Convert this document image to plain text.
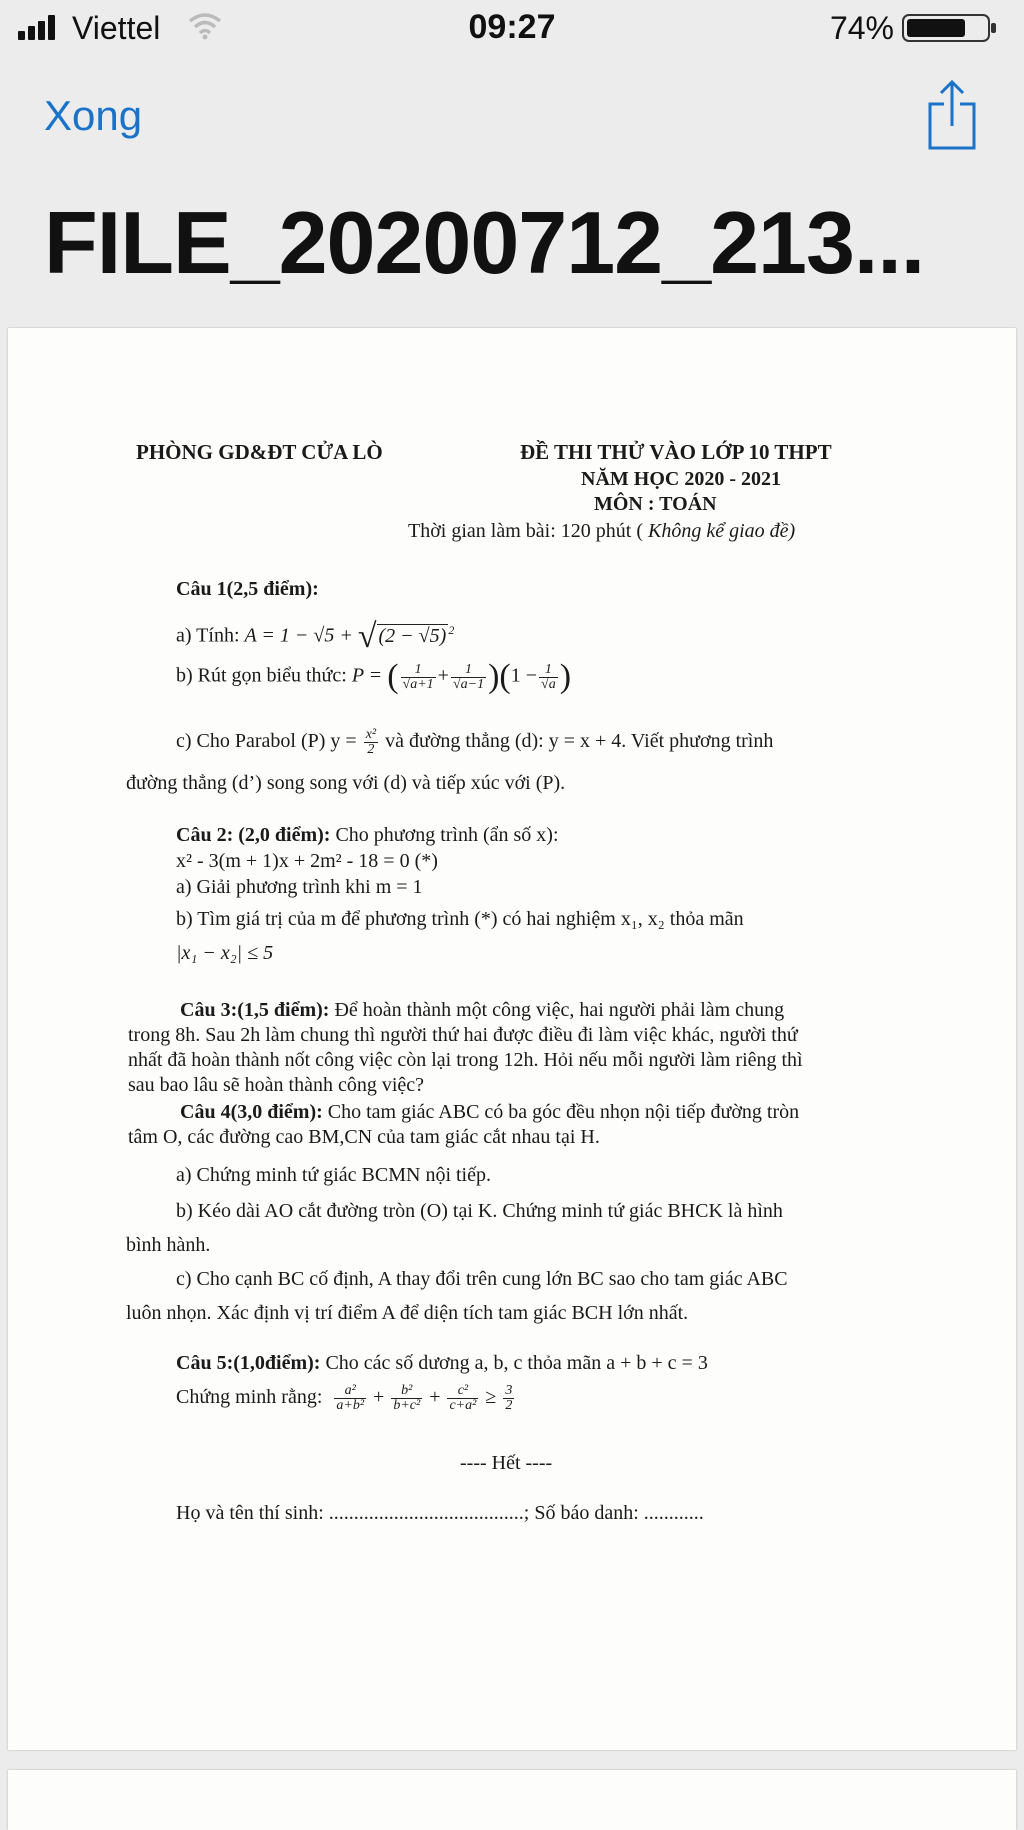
Viettel	09:27	74%
Xong
FILE_20200712_213...
PHÒNG GD&ĐT CỬA LÒ	ĐỀ THI THỬ VÀO LỚP 10 THPT
NĂM HỌC 2020 - 2021
MÔN : TOÁN
Thời gian làm bài: 120 phút ( Không kể giao đề)
Câu 1(2,5 điểm):
a) Tính: A = 1 − √5 + √ (2 − √5) $^2$
b) Rút gọn biểu thức: P = ( $\frac{1}{√a+1} + \frac{1}{√a-1} )(1 - \frac{1}{√a}$ )
c) Cho Parabol (P) $y = \frac{\text{x²}}{2}$ và đường thẳng (d): y = x + 4. Viết phương trình
đường thẳng (d’) song song với (d) và tiếp xúc với (P).
Câu 2: (2,0 điểm): Cho phương trình (ẩn số x):
x² - 3(m + 1)x + 2m² - 18 = 0 (*)
a) Giải phương trình khi m = 1
b) Tìm giá trị của m để phương trình (*) có hai nghiệm x₁, x₂ thỏa mãn
|x₁ − x₂| ≤ 5
Câu 3:(1,5 điểm): Để hoàn thành một công việc, hai người phải làm chung
trong 8h. Sau 2h làm chung thì người thứ hai được điều đi làm việc khác, người thứ
nhất đã hoàn thành nốt công việc còn lại trong 12h. Hỏi nếu mỗi người làm riêng thì
sau bao lâu sẽ hoàn thành công việc?
Câu 4(3,0 điểm): Cho tam giác ABC có ba góc đều nhọn nội tiếp đường tròn
tâm O, các đường cao BM,CN của tam giác cắt nhau tại H.
a) Chứng minh tứ giác BCMN nội tiếp.
b) Kéo dài AO cắt đường tròn (O) tại K. Chứng minh tứ giác BHCK là hình
bình hành.
c) Cho cạnh BC cố định, A thay đổi trên cung lớn BC sao cho tam giác ABC
luôn nhọn. Xác định vị trí điểm A để diện tích tam giác BCH lớn nhất.
Câu 5:(1,0điểm): Cho các số dương a, b, c thỏa mãn a + b + c = 3
Chứng minh rằng: $\frac{\text{a²}}{\text{a+b²}} + \frac{\text{b²}}{\text{b+c²}} + \frac{\text{c²}}{\text{c+a²}} \ge \frac{3}{2}$
---- Hết ----
Họ và tên thí sinh: .......................................; Số báo danh: ............
